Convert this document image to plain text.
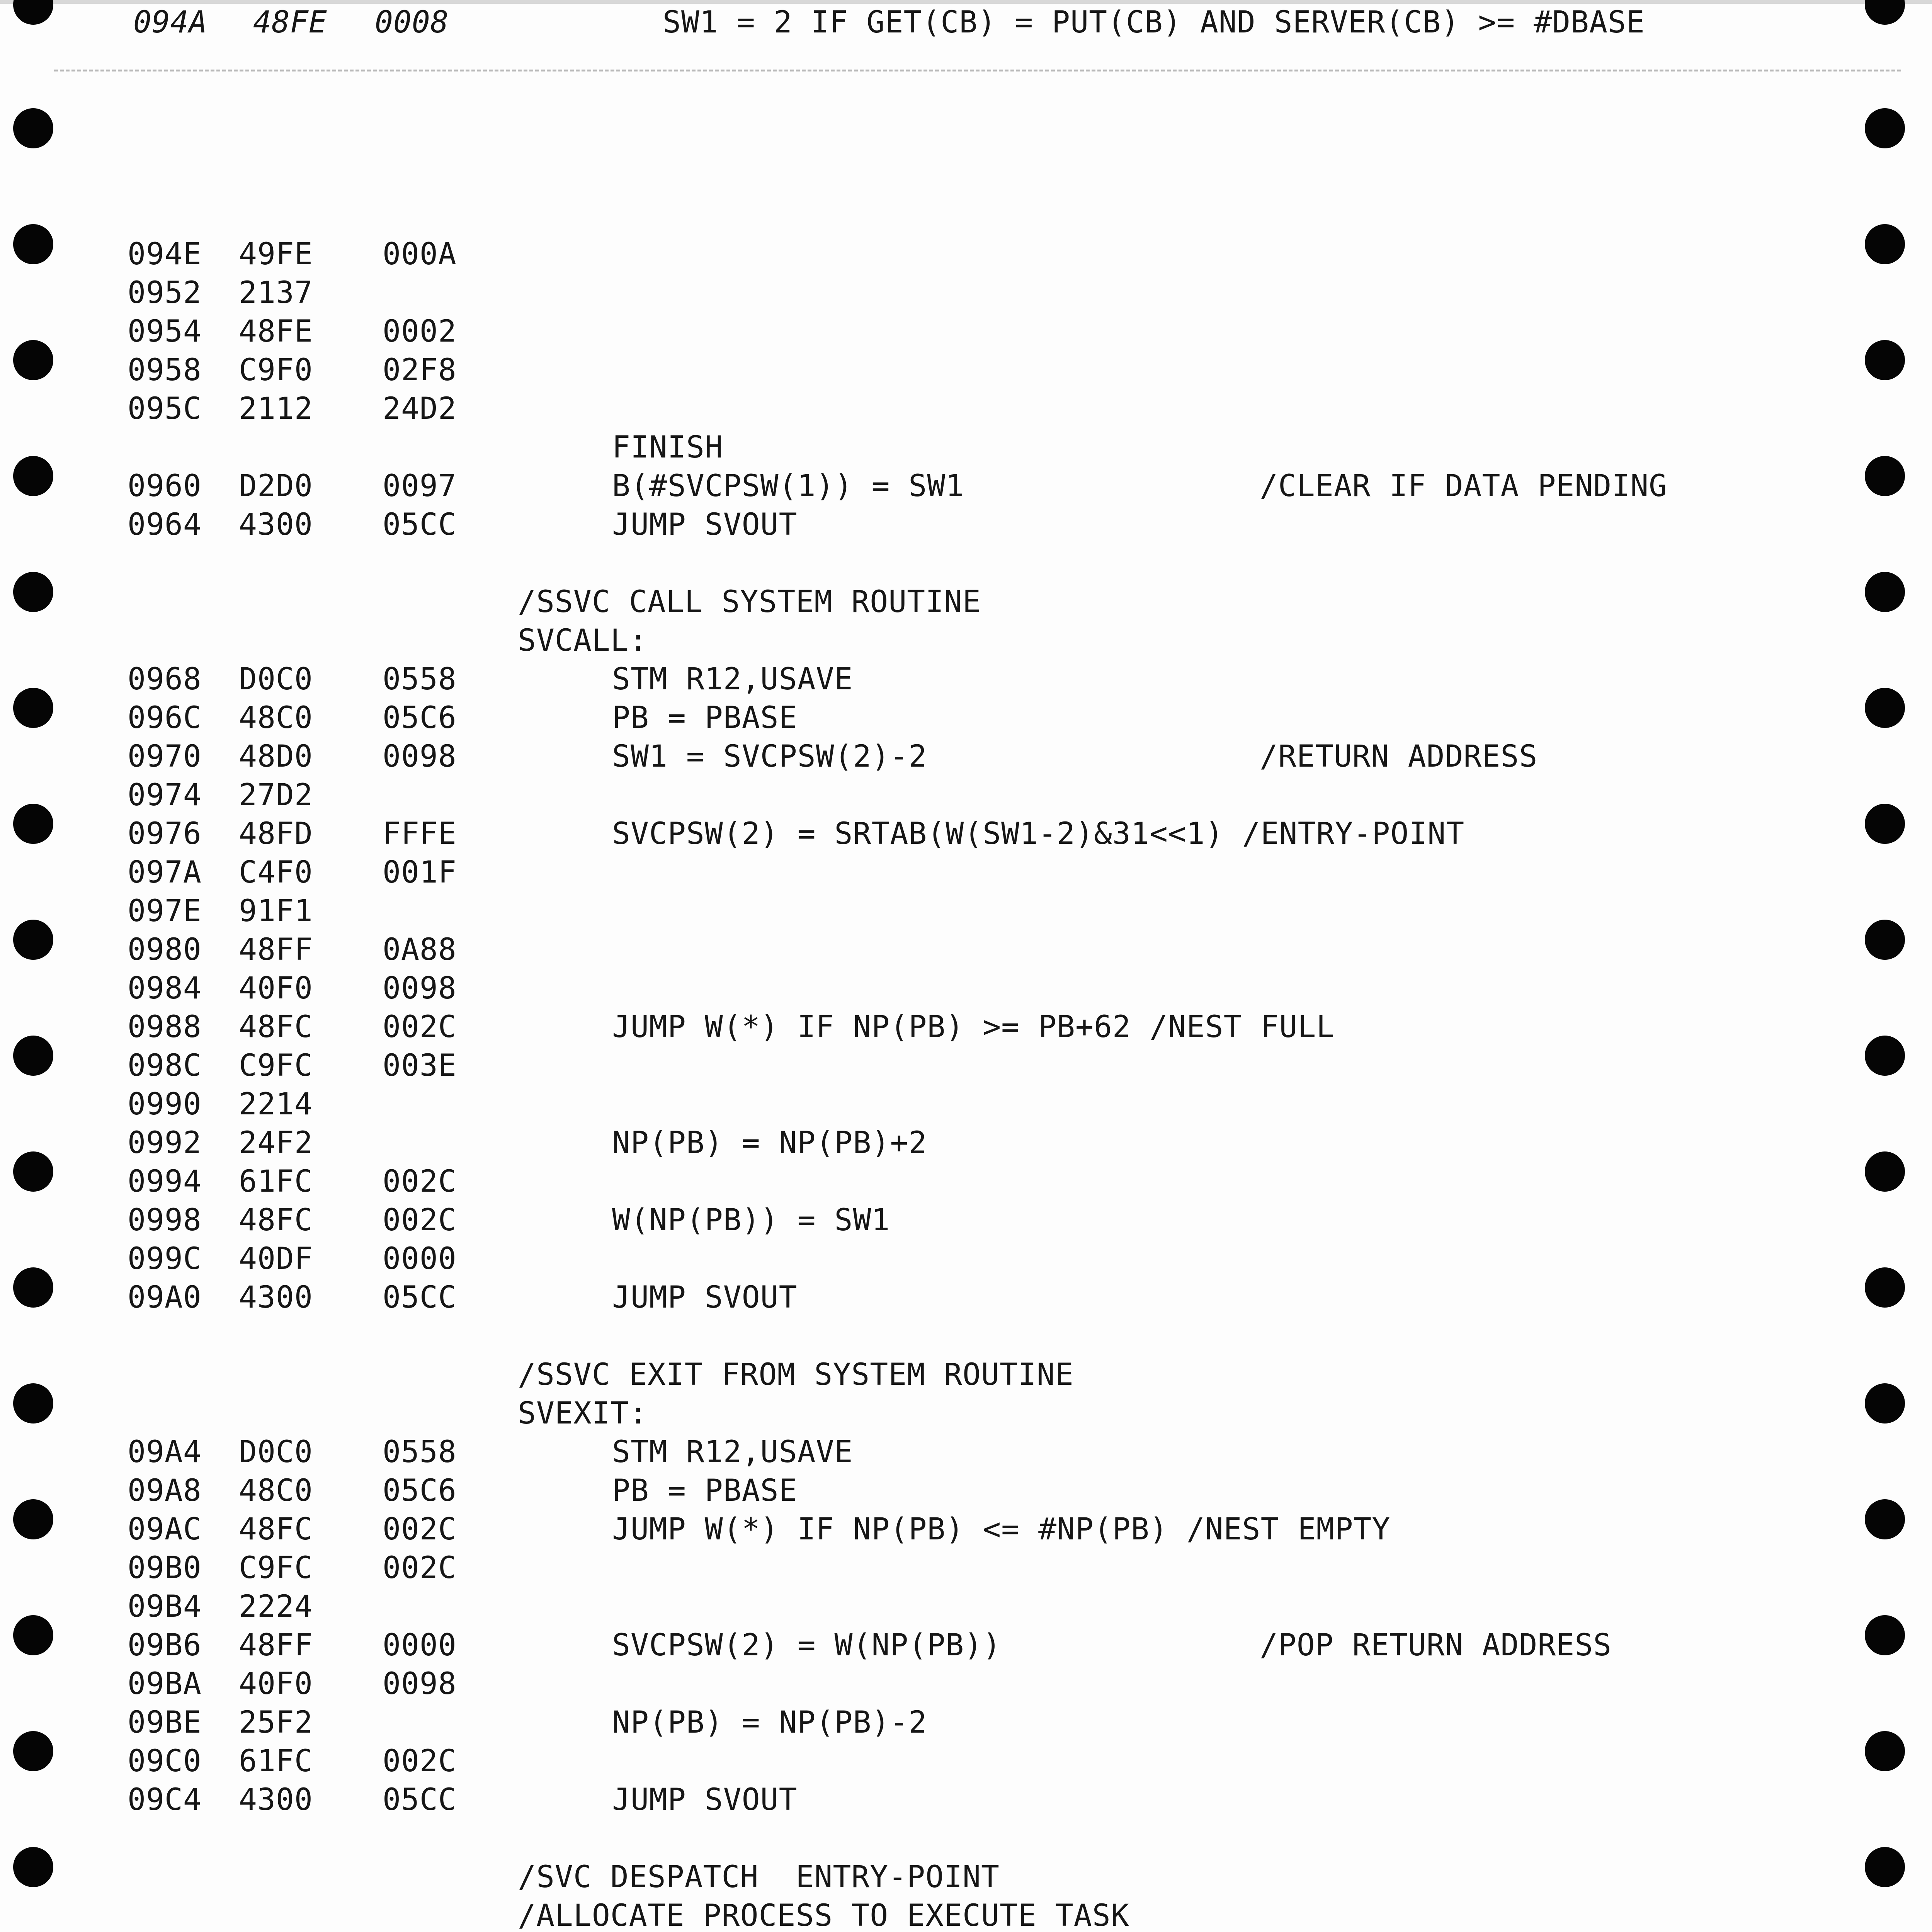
094A 48FE 0008	SW1 = 2 IF GET(CB) = PUT(CB) AND SERVER(CB) >= #DBASE
094E 49FE 000A
0952 2137
0954 48FE 0002
0958 C9F0 02F8
095C 2112 24D2
FINISH
0960 D2D0 0097	B(#SVCPSW(1)) = SW1	/CLEAR IF DATA PENDING
0964 4300 05CC	JUMP SVOUT
/SSVC CALL SYSTEM ROUTINE
SVCALL:
0968 D0C0 0558	STM R12,USAVE
096C 48C0 05C6	PB = PBASE
0970 48D0 0098	SW1 = SVCPSW(2)-2	/RETURN ADDRESS
0974 27D2
0976 48FD FFFE	SVCPSW(2) = SRTAB(W(SW1-2)&31<<1) /ENTRY-POINT
097A C4F0 001F
097E 91F1
0980 48FF 0A88
0984 40F0 0098
0988 48FC 002C	JUMP W(*) IF NP(PB) >= PB+62 /NEST FULL
098C C9FC 003E
0990 2214
0992 24F2	NP(PB) = NP(PB)+2
0994 61FC 002C
0998 48FC 002C	W(NP(PB)) = SW1
099C 40DF 0000
09A0 4300 05CC	JUMP SVOUT
/SSVC EXIT FROM SYSTEM ROUTINE
SVEXIT:
09A4 D0C0 0558	STM R12,USAVE
09A8 48C0 05C6	PB = PBASE
09AC 48FC 002C	JUMP W(*) IF NP(PB) <= #NP(PB) /NEST EMPTY
09B0 C9FC 002C
09B4 2224
09B6 48FF 0000	SVCPSW(2) = W(NP(PB))	/POP RETURN ADDRESS
09BA 40F0 0098
09BE 25F2	NP(PB) = NP(PB)-2
09C0 61FC 002C
09C4 4300 05CC	JUMP SVOUT
/SVC DESPATCH  ENTRY-POINT
/ALLOCATE PROCESS TO EXECUTE TASK
